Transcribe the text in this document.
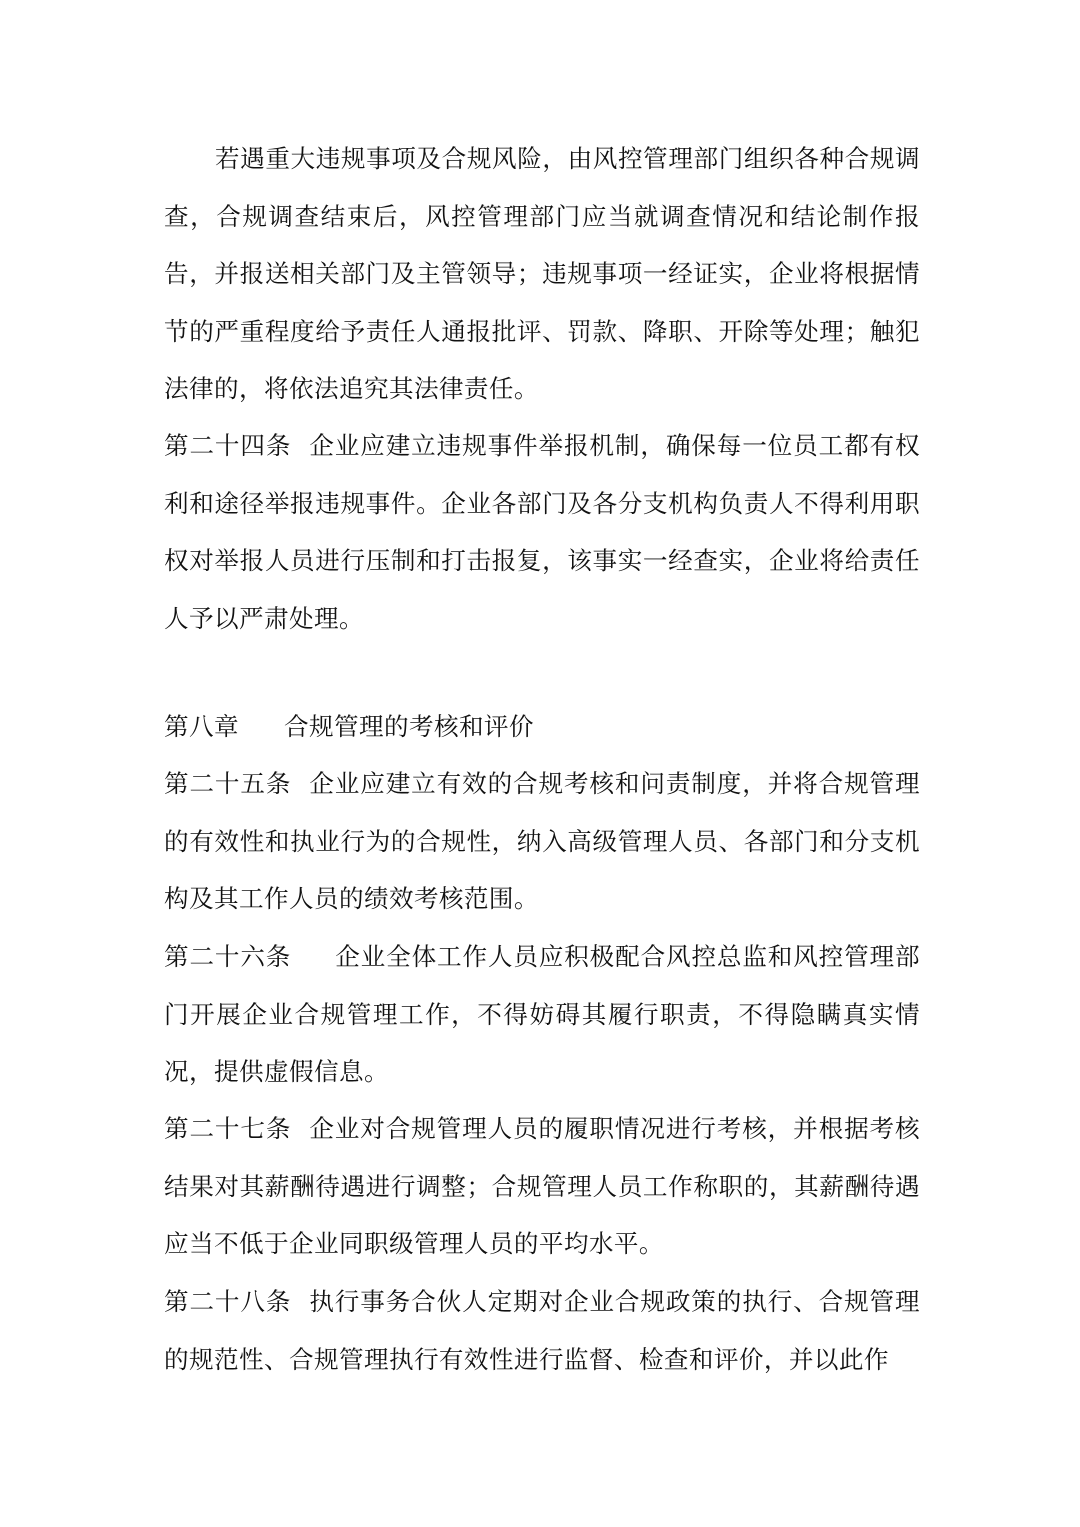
若遇重大违规事项及合规风险，由风控管理部门组织各种合规调查，合规调查结束后，风控管理部门应当就调查情况和结论制作报告，并报送相关部门及主管领导；违规事项一经证实，企业将根据情节的严重程度给予责任人通报批评、罚款、降职、开除等处理；触犯法律的，将依法追究其法律责任。

第二十四条 企业应建立违规事件举报机制，确保每一位员工都有权利和途径举报违规事件。企业各部门及各分支机构负责人不得利用职权对举报人员进行压制和打击报复，该事实一经查实，企业将给责任人予以严肃处理。

第八章 合规管理的考核和评价

第二十五条 企业应建立有效的合规考核和问责制度，并将合规管理的有效性和执业行为的合规性，纳入高级管理人员、各部门和分支机构及其工作人员的绩效考核范围。

第二十六条 企业全体工作人员应积极配合风控总监和风控管理部门开展企业合规管理工作，不得妨碍其履行职责，不得隐瞒真实情况，提供虚假信息。

第二十七条 企业对合规管理人员的履职情况进行考核，并根据考核结果对其薪酬待遇进行调整；合规管理人员工作称职的，其薪酬待遇应当不低于企业同职级管理人员的平均水平。

第二十八条 执行事务合伙人定期对企业合规政策的执行、合规管理的规范性、合规管理执行有效性进行监督、检查和评价，并以此作
